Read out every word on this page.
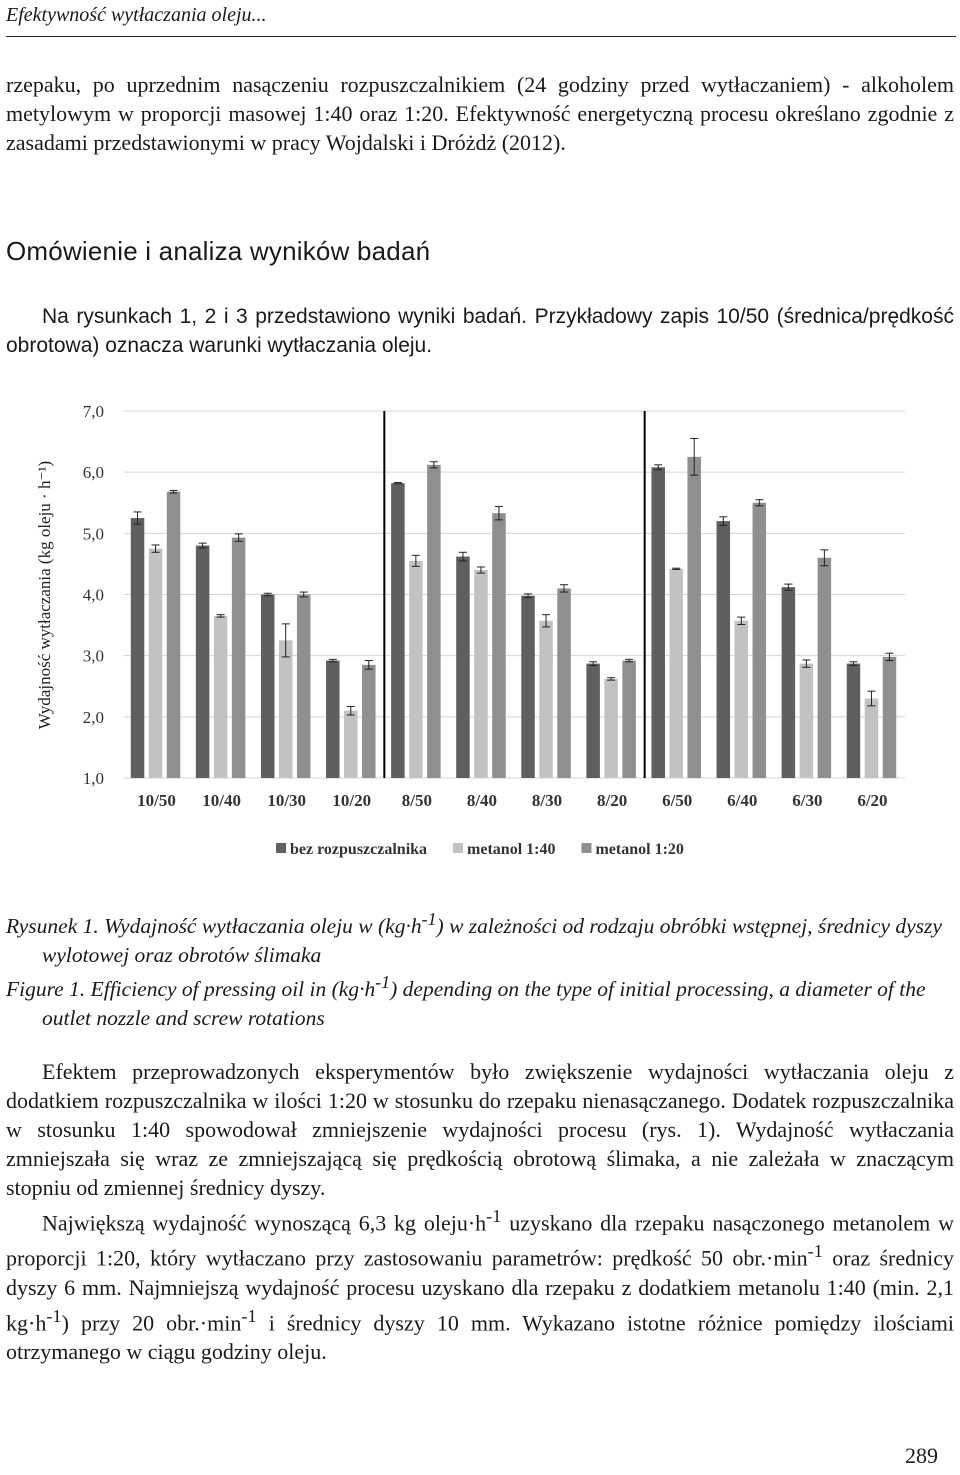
Efektywność wytłaczania oleju...

rzepaku, po uprzednim nasączeniu rozpuszczalnikiem (24 godziny przed wytłaczaniem) - alkoholem metylowym w proporcji masowej 1:40 oraz 1:20. Efektywność energetyczną procesu określano zgodnie z zasadami przedstawionymi w pracy Wojdalski i Dróżdż (2012).

Omówienie i analiza wyników badań

Na rysunkach 1, 2 i 3 przedstawiono wyniki badań. Przykładowy zapis 10/50 (średnica/prędkość obrotowa) oznacza warunki wytłaczania oleju.

1,0
2,0
3,0
4,0
5,0
6,0
7,0
10/50 10/40 10/30 10/20 8/50 8/40 8/30 8/20 6/50 6/40 6/30 6/20
Wydajność wytłaczania (kg oleju · h⁻¹)
bez rozpuszczalnika	metanol 1:40	metanol 1:20

Rysunek 1. Wydajność wytłaczania oleju w $(kg\cdot h^{-1})$ w zależności od rodzaju obróbki wstępnej, średnicy dyszy wylotowej oraz obrotów ślimaka

Figure 1. Efficiency of pressing oil in $(kg\cdot h^{-1})$ depending on the type of initial processing, a diameter of the outlet nozzle and screw rotations

Efektem przeprowadzonych eksperymentów było zwiększenie wydajności wytłaczania oleju z dodatkiem rozpuszczalnika w ilości 1:20 w stosunku do rzepaku nienasączanego. Dodatek rozpuszczalnika w stosunku 1:40 spowodował zmniejszenie wydajności procesu (rys. 1). Wydajność wytłaczania zmniejszała się wraz ze zmniejszającą się prędkością obrotową ślimaka, a nie zależała w znaczącym stopniu od zmiennej średnicy dyszy.

Największą wydajność wynoszącą 6,3 kg $oleju\cdot h^{-1}$ uzyskano dla rzepaku nasączonego metanolem w proporcji 1:20, który wytłaczano przy zastosowaniu parametrów: prędkość 50 $obr.\cdot\min^{-1}$ oraz średnicy dyszy 6 mm. Najmniejszą wydajność procesu uzyskano dla rzepaku z dodatkiem metanolu 1:40 (min. 2,1 $kg\cdot h^{-1}$) przy 20 $obr.\cdot\min^{-1}$ i średnicy dyszy 10 mm. Wykazano istotne różnice pomiędzy ilościami otrzymanego w ciągu godziny oleju.

289
